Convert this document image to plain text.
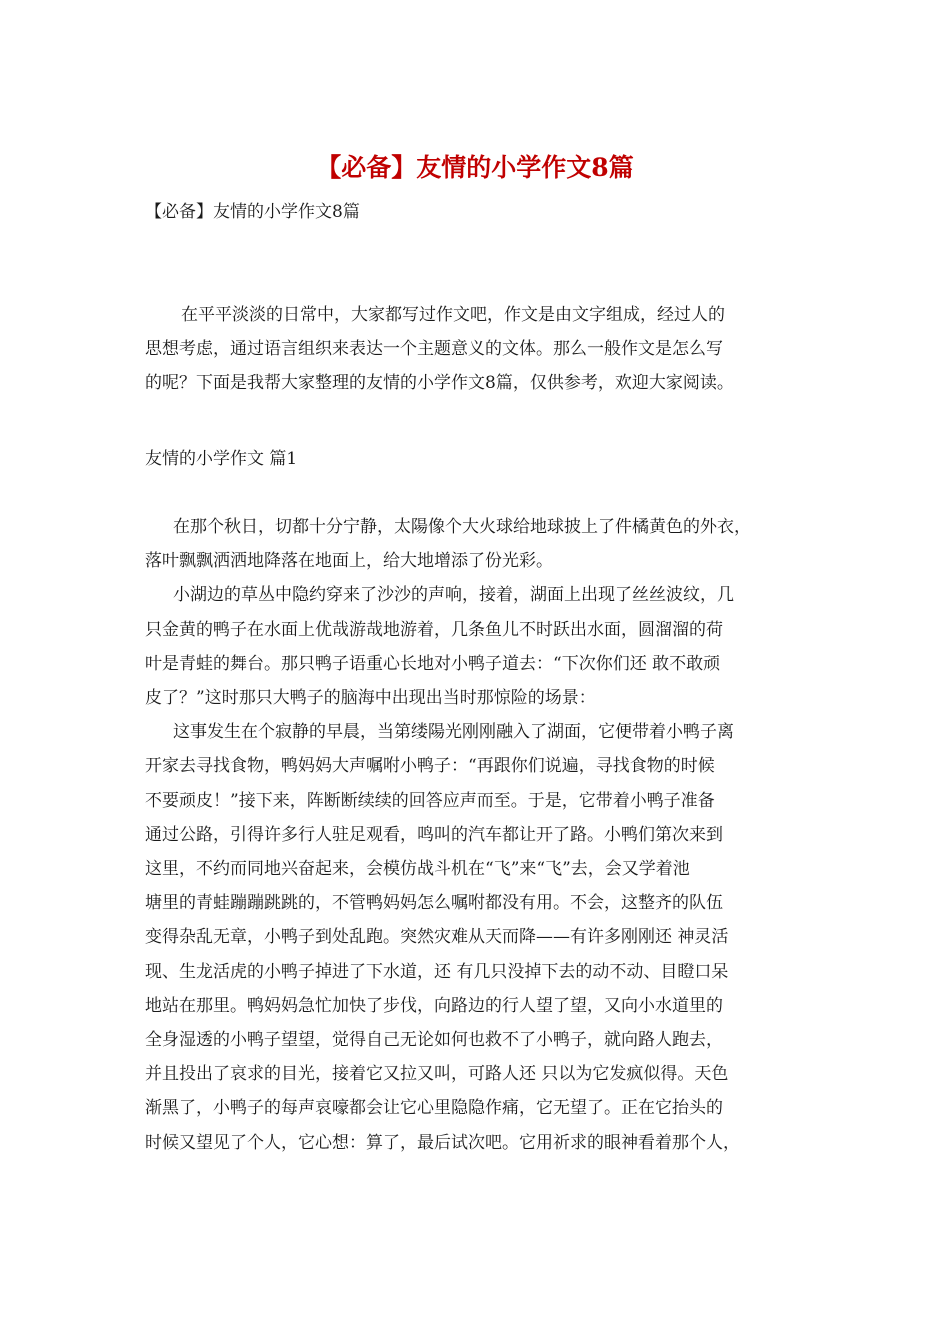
【必备】友情的小学作文8篇

【必备】友情的小学作文8篇

在平平淡淡的日常中，大家都写过作文吧，作文是由文字组成，经过人的
思想考虑，通过语言组织来表达一个主题意义的文体。那么一般作文是怎么写
的呢？下面是我帮大家整理的友情的小学作文8篇，仅供参考，欢迎大家阅读。

友情的小学作文 篇1

在那个秋日，切都十分宁静，太陽像个大火球给地球披上了件橘黄色的外衣，
落叶飘飘洒洒地降落在地面上，给大地增添了份光彩。
小湖边的草丛中隐约穿来了沙沙的声响，接着，湖面上出现了丝丝波纹，几
只金黄的鸭子在水面上优哉游哉地游着，几条鱼儿不时跃出水面，圆溜溜的荷
叶是青蛙的舞台。那只鸭子语重心长地对小鸭子道去：“下次你们还 敢不敢顽
皮了？”这时那只大鸭子的脑海中出现出当时那惊险的场景：
这事发生在个寂静的早晨，当第缕陽光刚刚融入了湖面，它便带着小鸭子离
开家去寻找食物，鸭妈妈大声嘱咐小鸭子：“再跟你们说遍，寻找食物的时候
不要顽皮！”接下来，阵断断续续的回答应声而至。于是，它带着小鸭子准备
通过公路，引得许多行人驻足观看，鸣叫的汽车都让开了路。小鸭们第次来到
这里，不约而同地兴奋起来，会模仿战斗机在“飞”来“飞”去，会又学着池
塘里的青蛙蹦蹦跳跳的，不管鸭妈妈怎么嘱咐都没有用。不会，这整齐的队伍
变得杂乱无章，小鸭子到处乱跑。突然灾难从天而降——有许多刚刚还 神灵活
现、生龙活虎的小鸭子掉进了下水道，还 有几只没掉下去的动不动、目瞪口呆
地站在那里。鸭妈妈急忙加快了步伐，向路边的行人望了望，又向小水道里的
全身湿透的小鸭子望望，觉得自己无论如何也救不了小鸭子，就向路人跑去，
并且投出了哀求的目光，接着它又拉又叫，可路人还 只以为它发疯似得。天色
渐黑了，小鸭子的每声哀嚎都会让它心里隐隐作痛，它无望了。正在它抬头的
时候又望见了个人，它心想：算了，最后试次吧。它用祈求的眼神看着那个人，
